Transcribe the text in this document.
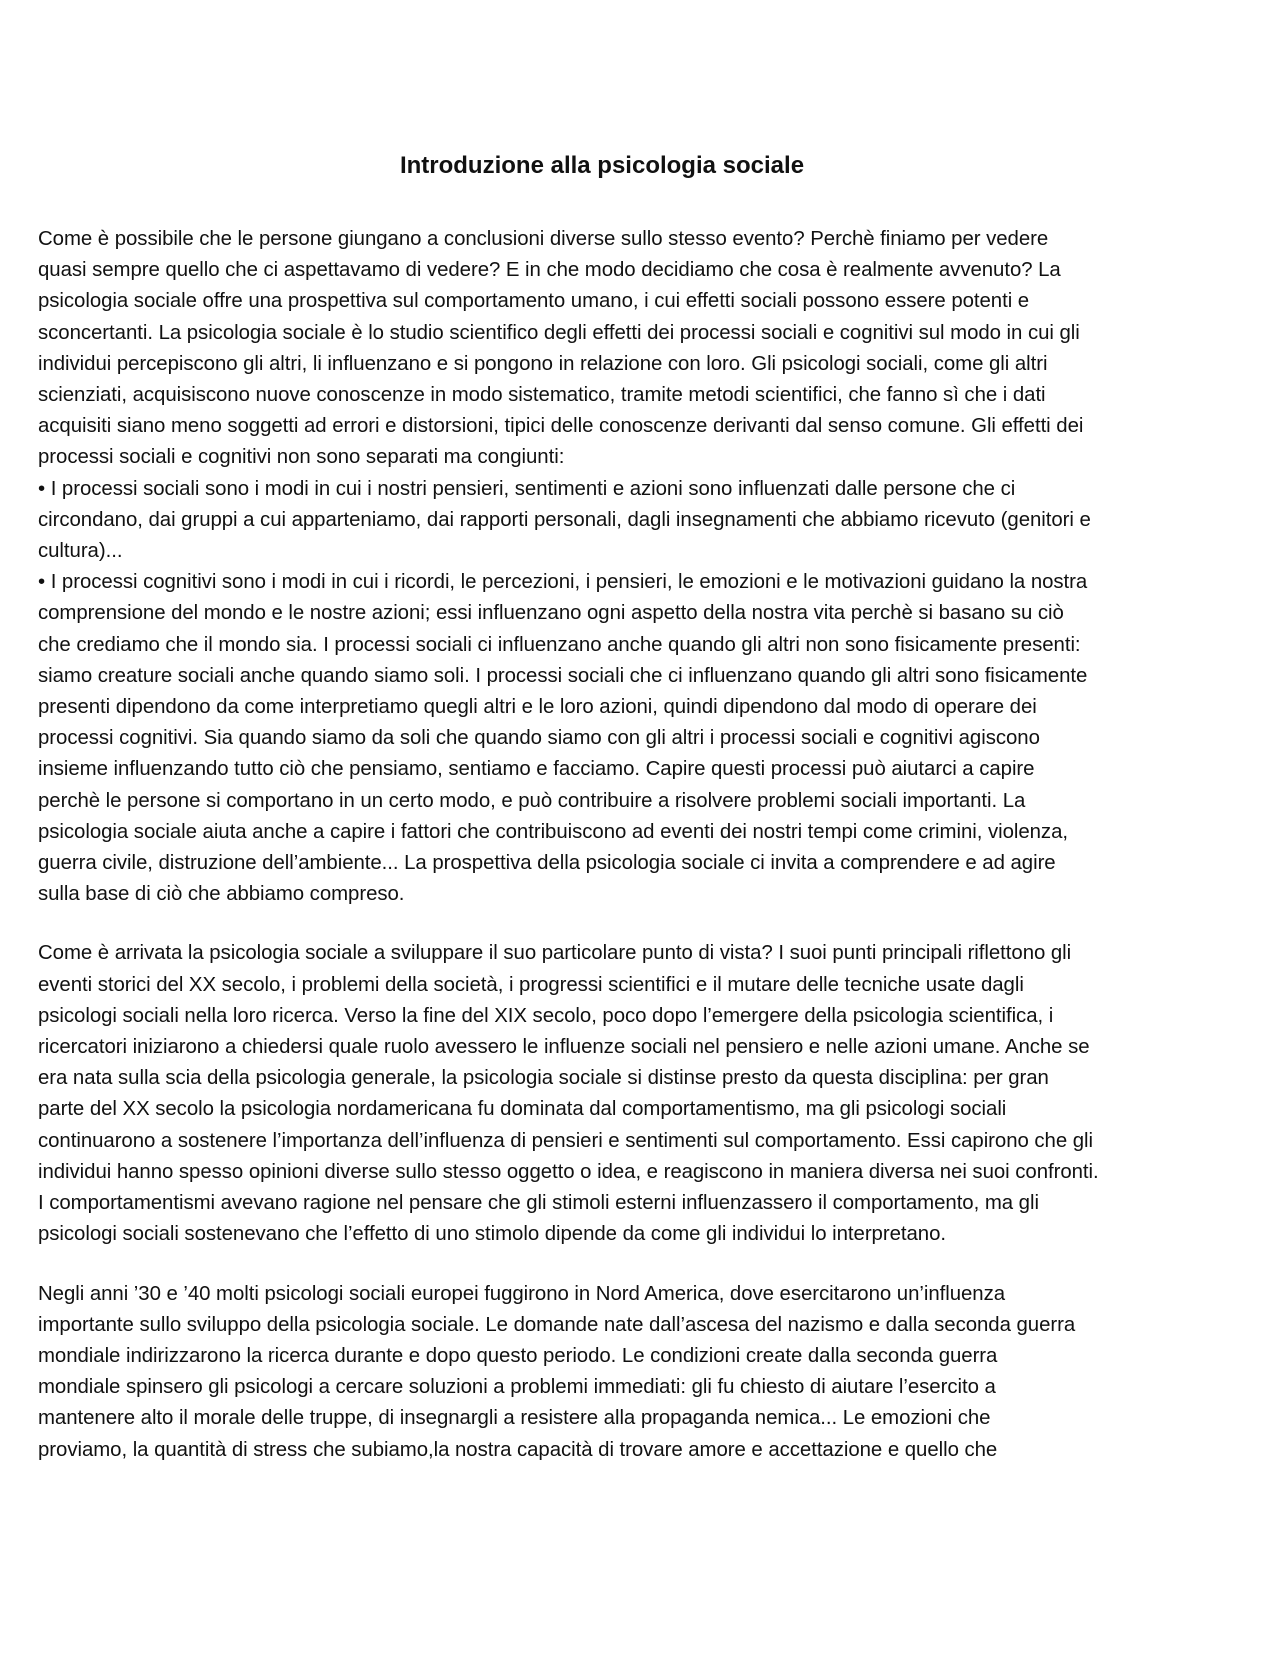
Introduzione alla psicologia sociale
Come è possibile che le persone giungano a conclusioni diverse sullo stesso evento? Perchè finiamo per vedere
quasi sempre quello che ci aspettavamo di vedere? E in che modo decidiamo che cosa è realmente avvenuto? La
psicologia sociale offre una prospettiva sul comportamento umano, i cui effetti sociali possono essere potenti e
sconcertanti. La psicologia sociale è lo studio scientifico degli effetti dei processi sociali e cognitivi sul modo in cui gli
individui percepiscono gli altri, li influenzano e si pongono in relazione con loro. Gli psicologi sociali, come gli altri
scienziati, acquisiscono nuove conoscenze in modo sistematico, tramite metodi scientifici, che fanno sì che i dati
acquisiti siano meno soggetti ad errori e distorsioni, tipici delle conoscenze derivanti dal senso comune. Gli effetti dei
processi sociali e cognitivi non sono separati ma congiunti:
• I processi sociali sono i modi in cui i nostri pensieri, sentimenti e azioni sono influenzati dalle persone che ci
circondano, dai gruppi a cui apparteniamo, dai rapporti personali, dagli insegnamenti che abbiamo ricevuto (genitori e
cultura)...
• I processi cognitivi sono i modi in cui i ricordi, le percezioni, i pensieri, le emozioni e le motivazioni guidano la nostra
comprensione del mondo e le nostre azioni; essi influenzano ogni aspetto della nostra vita perchè si basano su ciò
che crediamo che il mondo sia. I processi sociali ci influenzano anche quando gli altri non sono fisicamente presenti:
siamo creature sociali anche quando siamo soli. I processi sociali che ci influenzano quando gli altri sono fisicamente
presenti dipendono da come interpretiamo quegli altri e le loro azioni, quindi dipendono dal modo di operare dei
processi cognitivi. Sia quando siamo da soli che quando siamo con gli altri i processi sociali e cognitivi agiscono
insieme influenzando tutto ciò che pensiamo, sentiamo e facciamo. Capire questi processi può aiutarci a capire
perchè le persone si comportano in un certo modo, e può contribuire a risolvere problemi sociali importanti. La
psicologia sociale aiuta anche a capire i fattori che contribuiscono ad eventi dei nostri tempi come crimini, violenza,
guerra civile, distruzione dell’ambiente... La prospettiva della psicologia sociale ci invita a comprendere e ad agire
sulla base di ciò che abbiamo compreso.
Come è arrivata la psicologia sociale a sviluppare il suo particolare punto di vista? I suoi punti principali riflettono gli
eventi storici del XX secolo, i problemi della società, i progressi scientifici e il mutare delle tecniche usate dagli
psicologi sociali nella loro ricerca. Verso la fine del XIX secolo, poco dopo l’emergere della psicologia scientifica, i
ricercatori iniziarono a chiedersi quale ruolo avessero le influenze sociali nel pensiero e nelle azioni umane. Anche se
era nata sulla scia della psicologia generale, la psicologia sociale si distinse presto da questa disciplina: per gran
parte del XX secolo la psicologia nordamericana fu dominata dal comportamentismo, ma gli psicologi sociali
continuarono a sostenere l’importanza dell’influenza di pensieri e sentimenti sul comportamento. Essi capirono che gli
individui hanno spesso opinioni diverse sullo stesso oggetto o idea, e reagiscono in maniera diversa nei suoi confronti.
I comportamentismi avevano ragione nel pensare che gli stimoli esterni influenzassero il comportamento, ma gli
psicologi sociali sostenevano che l’effetto di uno stimolo dipende da come gli individui lo interpretano.
Negli anni ’30 e ’40 molti psicologi sociali europei fuggirono in Nord America, dove esercitarono un’influenza
importante sullo sviluppo della psicologia sociale. Le domande nate dall’ascesa del nazismo e dalla seconda guerra
mondiale indirizzarono la ricerca durante e dopo questo periodo. Le condizioni create dalla seconda guerra
mondiale spinsero gli psicologi a cercare soluzioni a problemi immediati: gli fu chiesto di aiutare l’esercito a
mantenere alto il morale delle truppe, di insegnargli a resistere alla propaganda nemica... Le emozioni che
proviamo, la quantità di stress che subiamo,la nostra capacità di trovare amore e accettazione e quello che
